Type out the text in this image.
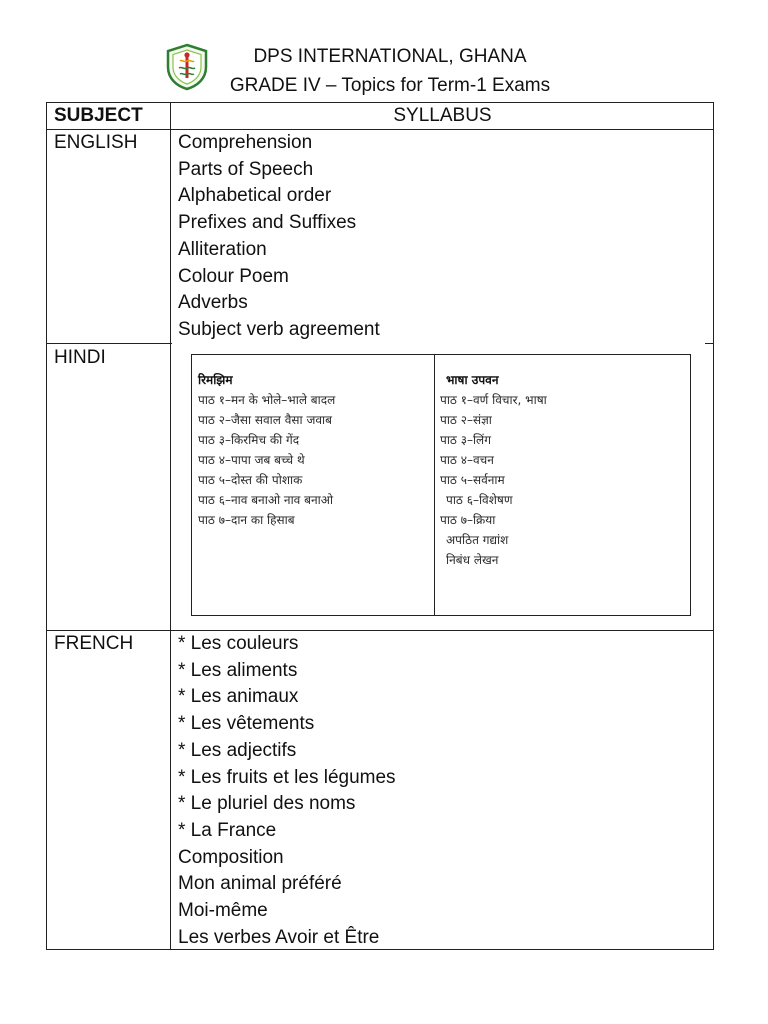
DPS INTERNATIONAL, GHANA
GRADE IV – Topics for Term-1 Exams
SUBJECT	SYLLABUS
ENGLISH Comprehension
Parts of Speech
Alphabetical order
Prefixes and Suffixes
Alliteration
Colour Poem
Adverbs
Subject verb agreement
HINDI
रिमझिम
पाठ १–मन के भोले–भाले बादल
पाठ २–जैसा सवाल वैसा जवाब
पाठ ३–किरमिच की गेंद
पाठ ४–पापा जब बच्चे थे
पाठ ५–दोस्त की पोशाक
पाठ ६–नाव बनाओ नाव बनाओ
पाठ ७–दान का हिसाब
भाषा उपवन
पाठ १–वर्ण विचार, भाषा
पाठ २–संज्ञा
पाठ ३–लिंग
पाठ ४–वचन
पाठ ५–सर्वनाम
पाठ ६–विशेषण
पाठ ७–क्रिया
अपठित गद्यांश
निबंध लेखन
FRENCH * Les couleurs
* Les aliments
* Les animaux
* Les vêtements
* Les adjectifs
* Les fruits et les légumes
* Le pluriel des noms
* La France
Composition
Mon animal préféré
Moi-même
Les verbes Avoir et Être
